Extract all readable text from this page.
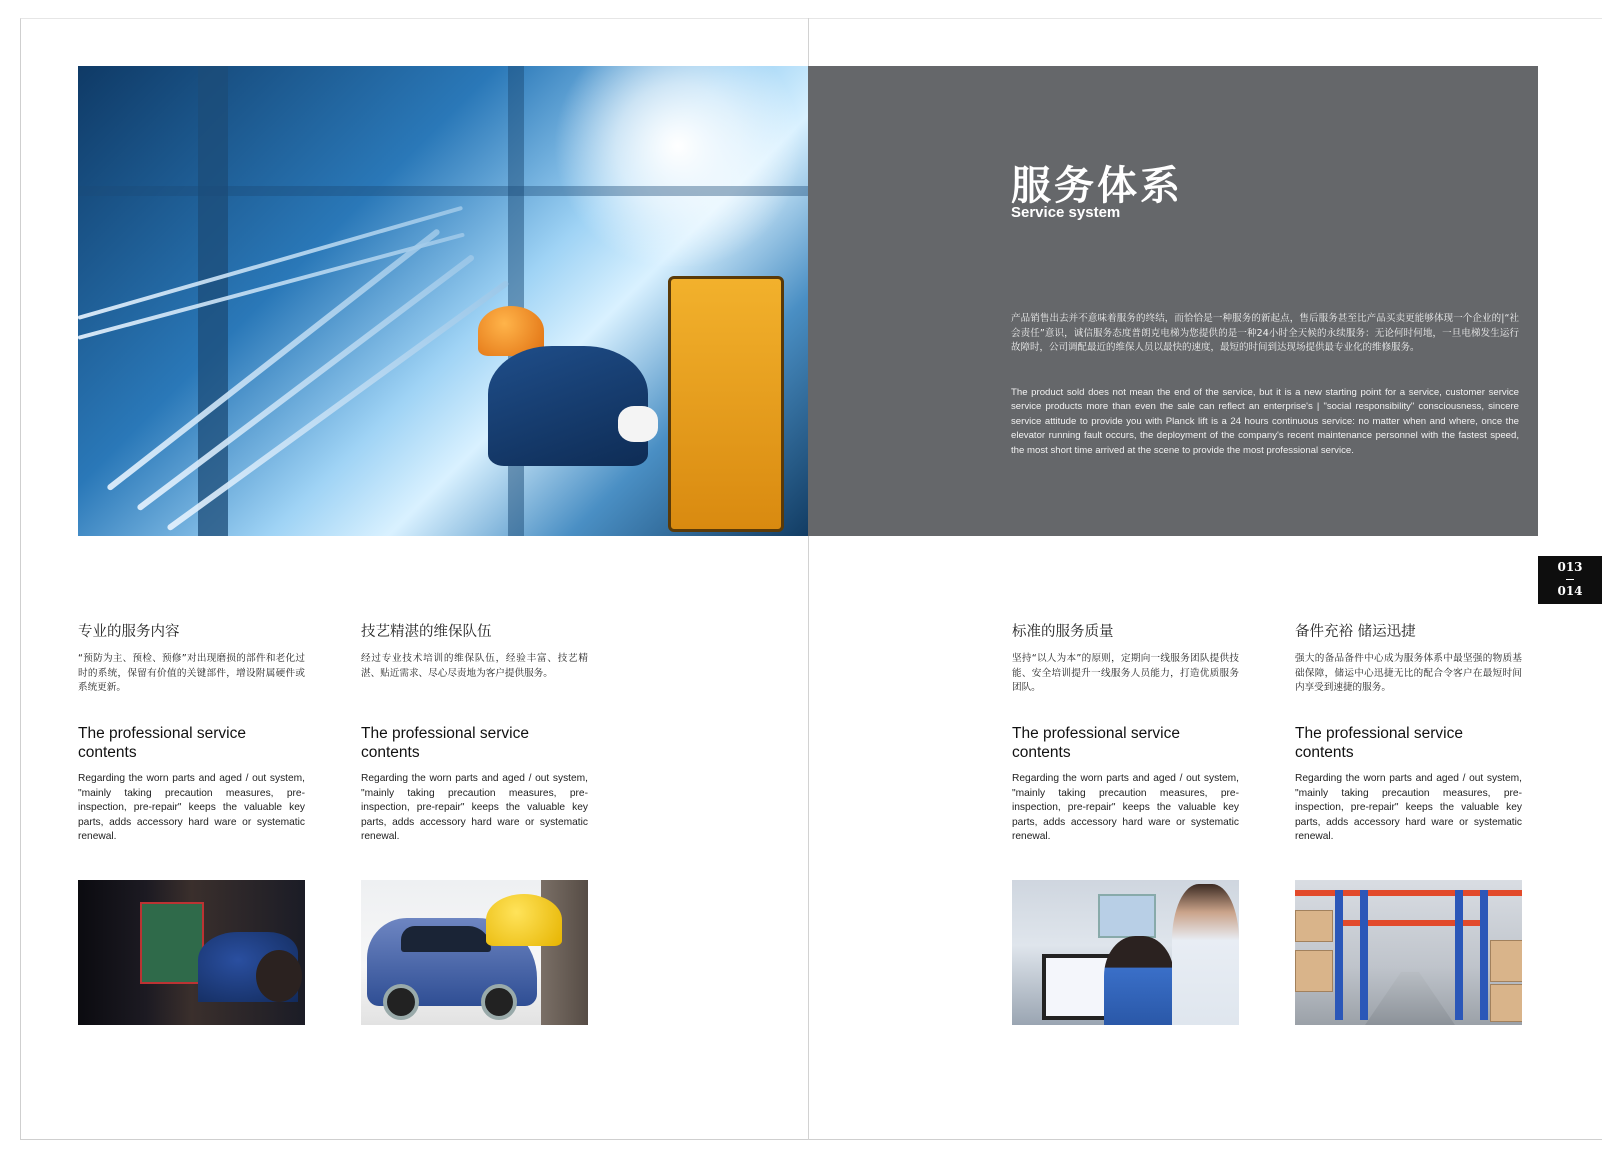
服务体系
Service system
产品销售出去并不意味着服务的终结，而恰恰是一种服务的新起点，售后服务甚至比产品买卖更能够体现一个企业的|“社会责任”意识，诚信服务态度普朗克电梯为您提供的是一种24小时全天候的永续服务：无论何时何地，一旦电梯发生运行故障时，公司调配最近的维保人员以最快的速度，最短的时间到达现场提供最专业化的维修服务。
The product sold does not mean the end of the service, but it is a new starting point for a service, customer service service products more than even the sale can reflect an enterprise's | "social responsibility" consciousness, sincere service attitude to provide you with Planck lift is a 24 hours continuous service: no matter when and where, once the elevator running fault occurs, the deployment of the company's recent maintenance personnel with the fastest speed, the most short time arrived at the scene to provide the most professional service.
013
014
专业的服务内容
“预防为主、预检、预修”对出现磨损的部件和老化过时的系统，保留有价值的关键部件，增设附属硬件或系统更新。
The professional service contents
Regarding the worn parts and aged / out system, "mainly taking precaution measures, pre-inspection, pre-repair" keeps the valuable key parts, adds accessory hard ware or systematic renewal.
技艺精湛的维保队伍
经过专业技术培训的维保队伍，经验丰富、技艺精湛、贴近需求、尽心尽责地为客户提供服务。
The professional service contents
Regarding the worn parts and aged / out system, "mainly taking precaution measures, pre-inspection, pre-repair" keeps the valuable key parts, adds accessory hard ware or systematic renewal.
标准的服务质量
坚持“以人为本”的原则，定期向一线服务团队提供技能、安全培训提升一线服务人员能力，打造优质服务团队。
The professional service contents
Regarding the worn parts and aged / out system, "mainly taking precaution measures, pre-inspection, pre-repair" keeps the valuable key parts, adds accessory hard ware or systematic renewal.
备件充裕 储运迅捷
强大的备品备件中心成为服务体系中最坚强的物质基础保障，储运中心迅捷无比的配合令客户在最短时间内享受到速捷的服务。
The professional service contents
Regarding the worn parts and aged / out system, "mainly taking precaution measures, pre-inspection, pre-repair" keeps the valuable key parts, adds accessory hard ware or systematic renewal.
